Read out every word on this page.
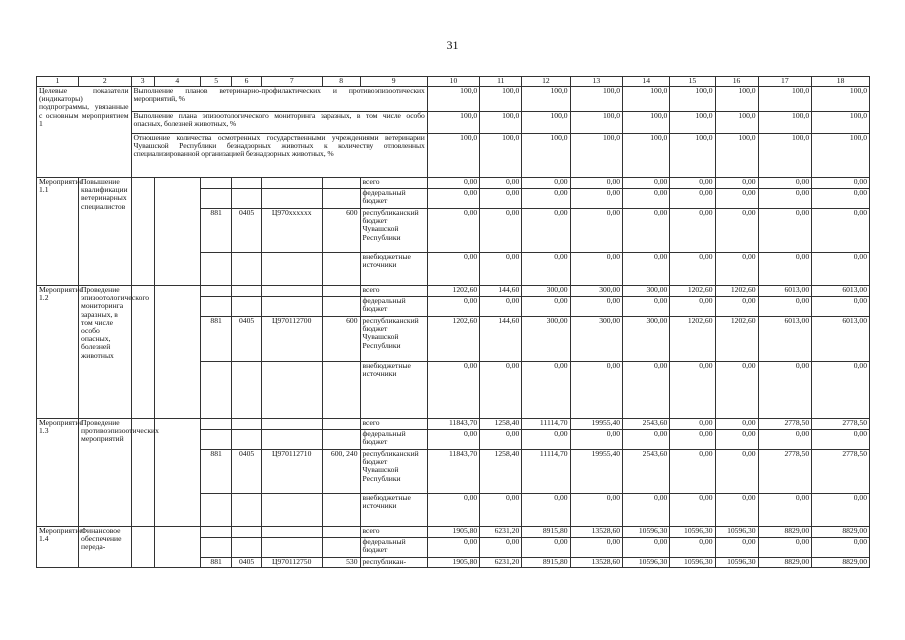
31
1	2	3	4	5	6	7	8	9	10	11	12	13	14	15	16	17	18
Целевые показатели (индикаторы) подпрограммы, увязанные с основным мероприятием 1		Выполнение планов ветеринарно-профилактических и противоэпизоотических мероприятий, %							100,0	100,0	100,0	100,0	100,0	100,0	100,0	100,0	100,0
		Выполнение плана эпизоотологического мониторинга заразных, в том числе особо опасных, болезней животных, %							100,0	100,0	100,0	100,0	100,0	100,0	100,0	100,0	100,0
		Отношение количества осмотренных государственными учреждениями ветеринарии Чувашской Республики безнадзорных животных к количеству отловленных специализированной организацией безнадзорных животных, %							100,0	100,0	100,0	100,0	100,0	100,0	100,0	100,0	100,0
Мероприятие 1.1	Повышение квалификации ветеринарных специалистов							всего	0,00	0,00	0,00	0,00	0,00	0,00	0,00	0,00	0,00
								федеральный бюджет	0,00	0,00	0,00	0,00	0,00	0,00	0,00	0,00	0,00
				881	0405	Ц970xxxxxx	600	республиканский бюджет Чувашской Республики	0,00	0,00	0,00	0,00	0,00	0,00	0,00	0,00	0,00
								внебюджетные источники	0,00	0,00	0,00	0,00	0,00	0,00	0,00	0,00	0,00
Мероприятие 1.2	Проведение эпизоотологического мониторинга заразных, в том числе особо опасных, болезней животных							всего	1202,60	144,60	300,00	300,00	300,00	1202,60	1202,60	6013,00	6013,00
								федеральный бюджет	0,00	0,00	0,00	0,00	0,00	0,00	0,00	0,00	0,00
				881	0405	Ц970112700	600	республиканский бюджет Чувашской Республики	1202,60	144,60	300,00	300,00	300,00	1202,60	1202,60	6013,00	6013,00
								внебюджетные источники	0,00	0,00	0,00	0,00	0,00	0,00	0,00	0,00	0,00
Мероприятие 1.3	Проведение противоэпизоотических мероприятий							всего	11843,70	1258,40	11114,70	19955,40	2543,60	0,00	0,00	2778,50	2778,50
								федеральный бюджет	0,00	0,00	0,00	0,00	0,00	0,00	0,00	0,00	0,00
				881	0405	Ц970112710	600, 240	республиканский бюджет Чувашской Республики	11843,70	1258,40	11114,70	19955,40	2543,60	0,00	0,00	2778,50	2778,50
								внебюджетные источники	0,00	0,00	0,00	0,00	0,00	0,00	0,00	0,00	0,00
Мероприятие 1.4	Финансовое обеспечение переда-							всего	1905,80	6231,20	8915,80	13528,60	10596,30	10596,30	10596,30	8829,00	8829,00
								федеральный бюджет	0,00	0,00	0,00	0,00	0,00	0,00	0,00	0,00	0,00
				881	0405	Ц970112750	530	республикан-	1905,80	6231,20	8915,80	13528,60	10596,30	10596,30	10596,30	8829,00	8829,00
